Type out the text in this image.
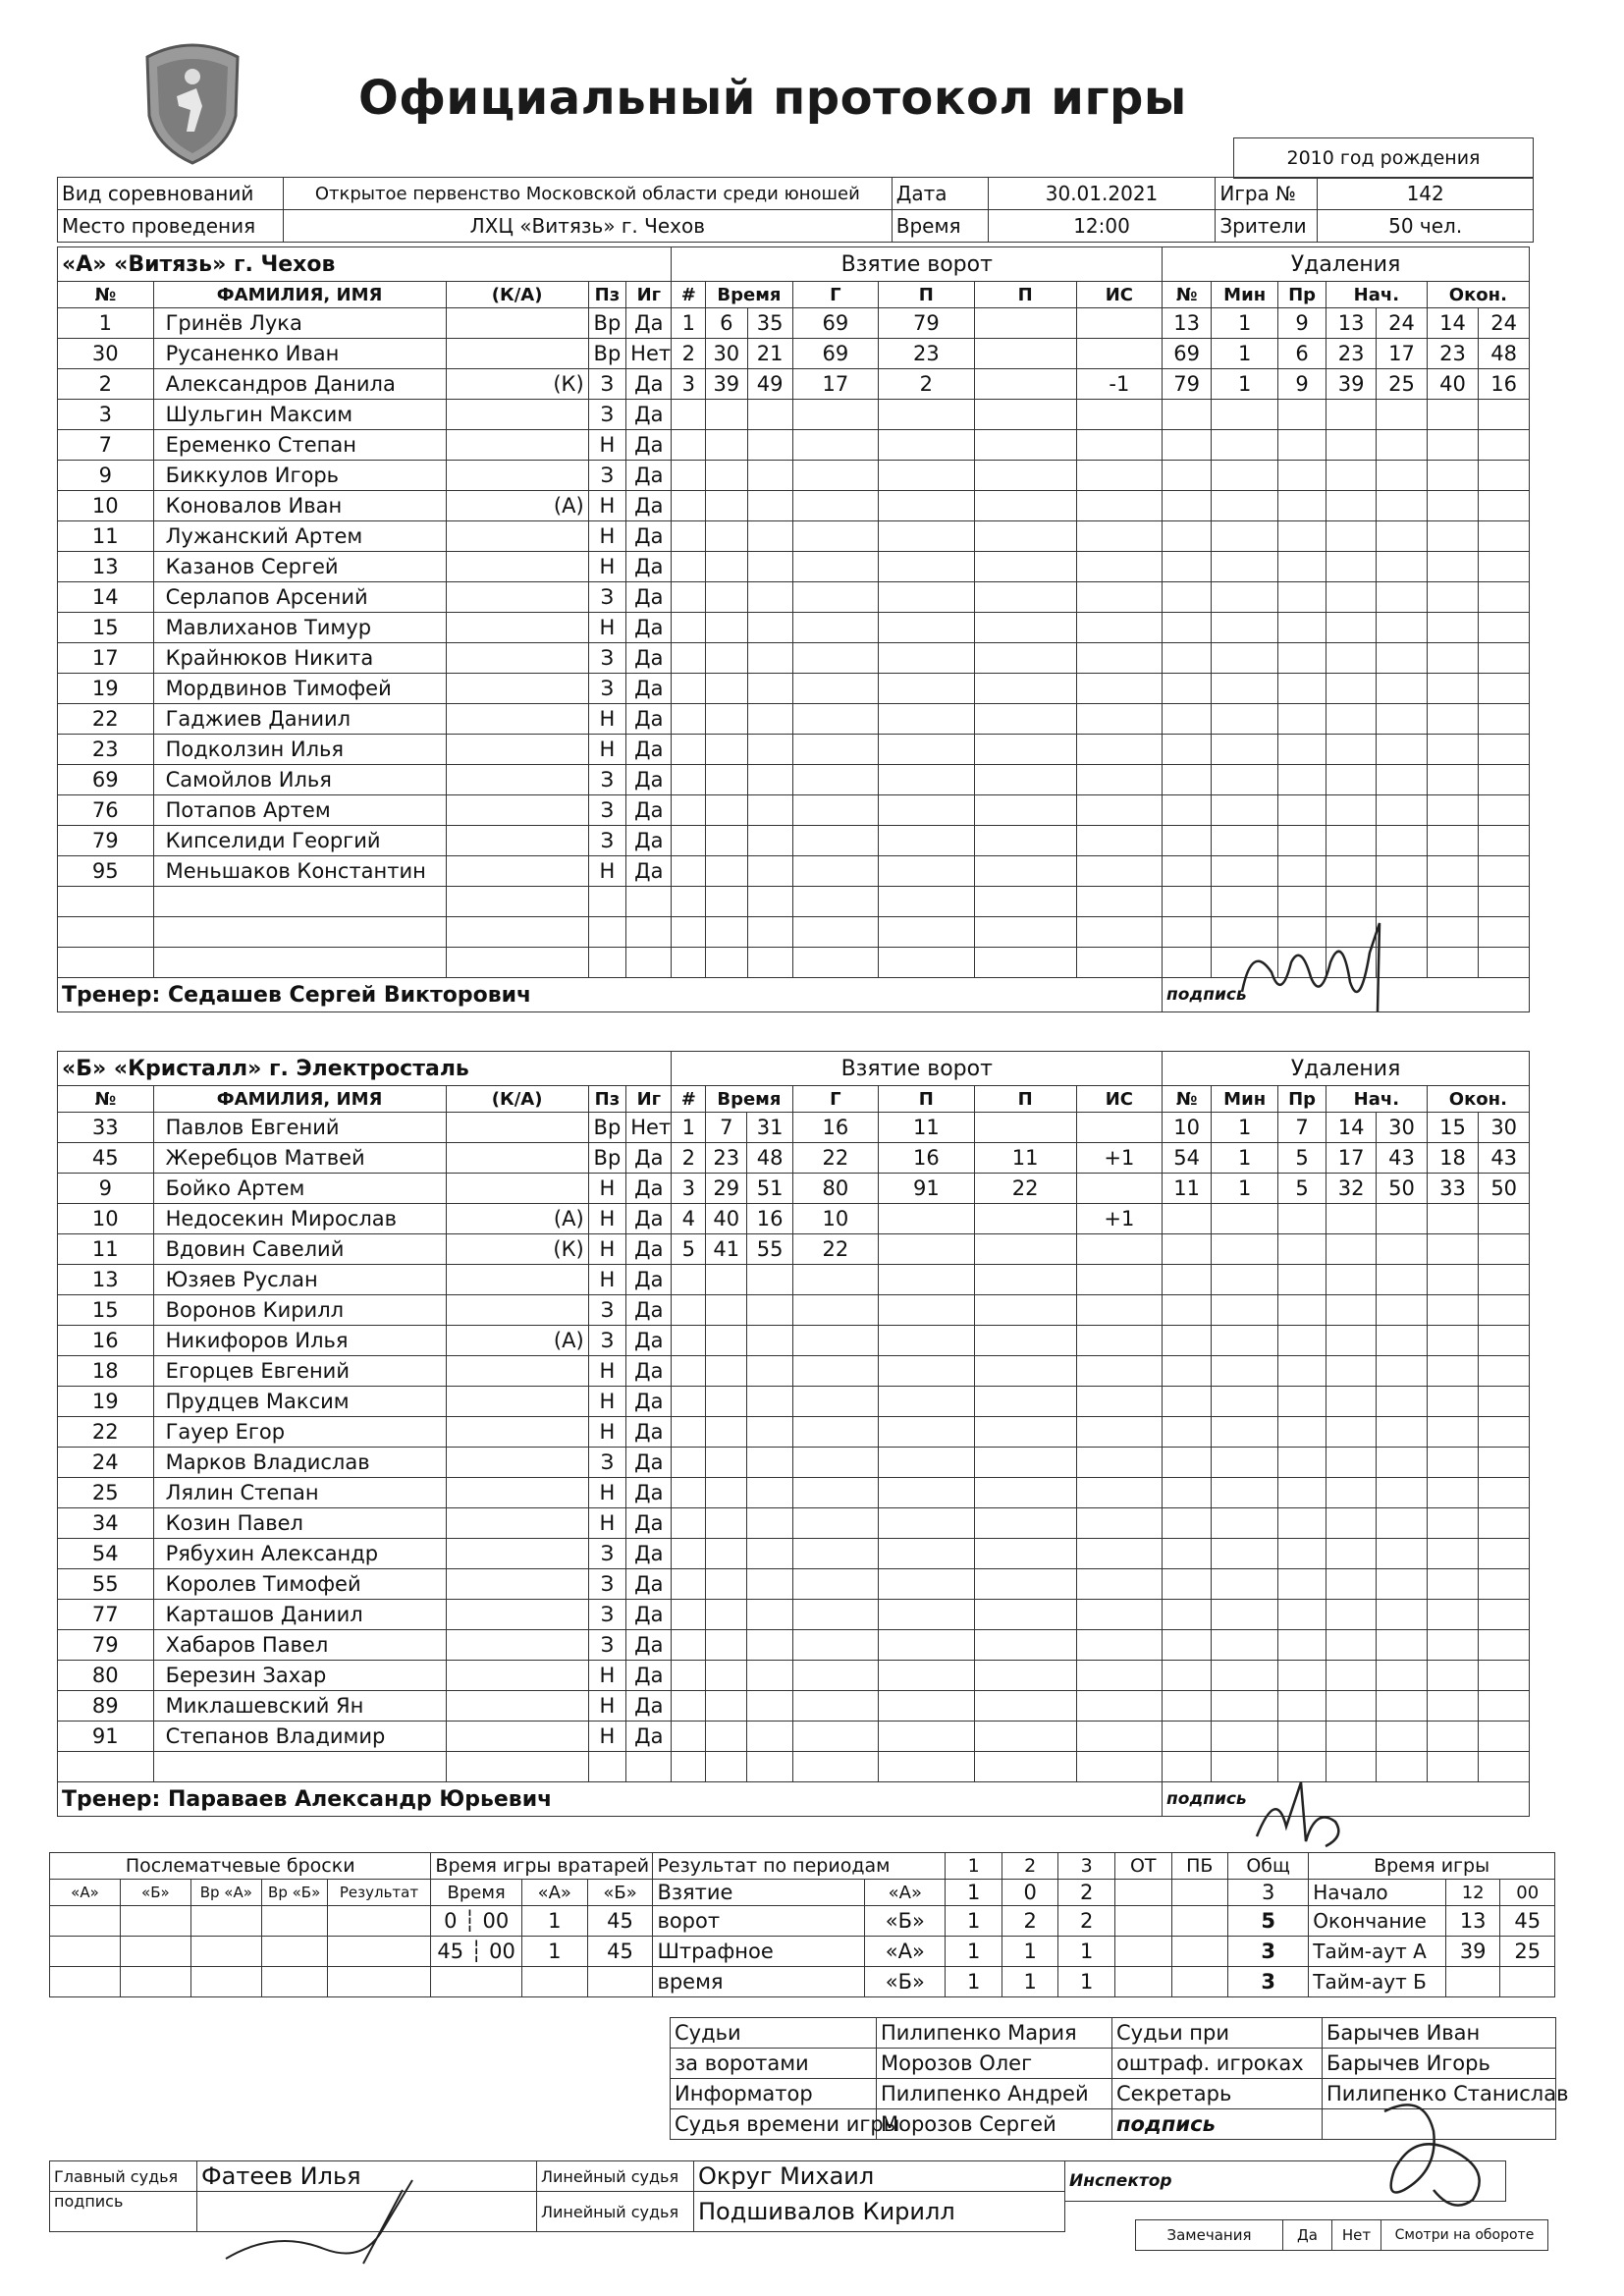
Официальный протокол игры
2010 год рождения
Вид соревнований	Открытое первенство Московской области среди юношей	Дата	30.01.2021	Игра №	142
Место проведения	ЛХЦ «Витязь» г. Чехов	Время	12:00	Зрители	50 чел.
«А» «Витязь» г. Чехов					Взятие ворот							Удаления						
№	ФАМИЛИЯ, ИМЯ	(К/А)	Пз	Иг	#	Время		Г	П	П	ИС	№	Мин	Пр	Нач.		Окон.	
1	Гринёв Лука		Вр	Да	1	6	35	69	79			13	1	9	13	24	14	24
30	Русаненко Иван		Вр	Нет	2	30	21	69	23			69	1	6	23	17	23	48
2	Александров Данила	(К)	З	Да	3	39	49	17	2		-1	79	1	9	39	25	40	16
3	Шульгин Максим		З	Да														
7	Еременко Степан		Н	Да														
9	Биккулов Игорь		З	Да														
10	Коновалов Иван	(А)	Н	Да														
11	Лужанский Артем		Н	Да														
13	Казанов Сергей		Н	Да														
14	Серлапов Арсений		З	Да														
15	Мавлиханов Тимур		Н	Да														
17	Крайнюков Никита		З	Да														
19	Мордвинов Тимофей		З	Да														
22	Гаджиев Даниил		Н	Да														
23	Подколзин Илья		Н	Да														
69	Самойлов Илья		З	Да														
76	Потапов Артем		З	Да														
79	Кипселиди Георгий		З	Да														
95	Меньшаков Константин		Н	Да														

Тренер: Седашев Сергей Викторович												подпись						
«Б» «Кристалл» г. Электросталь					Взятие ворот							Удаления						
№	ФАМИЛИЯ, ИМЯ	(К/А)	Пз	Иг	#	Время		Г	П	П	ИС	№	Мин	Пр	Нач.		Окон.	
33	Павлов Евгений		Вр	Нет	1	7	31	16	11			10	1	7	14	30	15	30
45	Жеребцов Матвей		Вр	Да	2	23	48	22	16	11	+1	54	1	5	17	43	18	43
9	Бойко Артем		Н	Да	3	29	51	80	91	22		11	1	5	32	50	33	50
10	Недосекин Мирослав	(А)	Н	Да	4	40	16	10			+1							
11	Вдовин Савелий	(К)	Н	Да	5	41	55	22										
13	Юзяев Руслан		Н	Да														
15	Воронов Кирилл		З	Да														
16	Никифоров Илья	(А)	З	Да														
18	Егорцев Евгений		Н	Да														
19	Прудцев Максим		Н	Да														
22	Гауер Егор		Н	Да														
24	Марков Владислав		З	Да														
25	Лялин Степан		Н	Да														
34	Козин Павел		Н	Да														
54	Рябухин Александр		З	Да														
55	Королев Тимофей		З	Да														
77	Карташов Даниил		З	Да														
79	Хабаров Павел		З	Да														
80	Березин Захар		Н	Да														
89	Миклашевский Ян		Н	Да														
91	Степанов Владимир		Н	Да														

Тренер: Параваев Александр Юрьевич												подпись						
Послематчевые броски					Время игры вратарей			Результат по периодам		1	2	3	ОТ	ПБ	Общ	Время игры		
«А»	«Б»	Вр «А»	Вр «Б»	Результат	Время	«А»	«Б»	Взятие	«А»	1	0	2			3	Начало	12	00
					0 ┆ 00	1	45	ворот	«Б»	1	2	2			5	Окончание	13	45
					45 ┆ 00	1	45	Штрафное	«А»	1	1	1			3	Тайм-аут А	39	25
								время	«Б»	1	1	1			3	Тайм-аут Б		
Судьи	Пилипенко Мария	Судьи при	Барычев Иван
за воротами	Морозов Олег	оштраф. игроках	Барычев Игорь
Информатор	Пилипенко Андрей	Секретарь	Пилипенко Станислав
Судья времени игры	Морозов Сергей	подпись	
Главный судья	Фатеев Илья	Линейный судья	Округ Михаил
подпись		Линейный судья	Подшивалов Кирилл
Инспектор
Замечания	Да	Нет	Смотри на обороте
